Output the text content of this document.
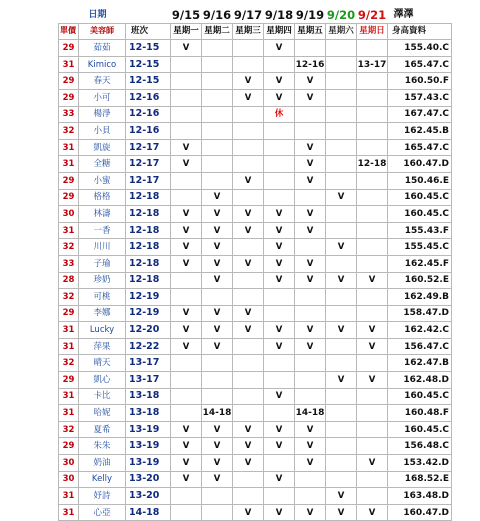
	日期		9/15	9/16	9/17	9/18	9/19	9/20	9/21	澤澤
單價	美容師	班次	星期一	星期二	星期三	星期四	星期五	星期六	星期日	身高資料
29	茹茹	12-15	V			V				155.40.C
31	Kimico	12-15					12-16		13-17	165.47.C
29	春天	12-15			V	V	V			160.50.F
29	小可	12-16			V	V	V			157.43.C
33	楊淨	12-16				休				167.47.C
32	小貝	12-16								162.45.B
31	凱旋	12-17	V				V			165.47.C
31	全糖	12-17	V				V		12-18	160.47.D
29	小蜜	12-17			V		V			150.46.E
29	格格	12-18		V				V		160.45.C
30	林濤	12-18	V	V	V	V	V			160.45.C
31	一香	12-18	V	V	V	V	V			155.43.F
32	川川	12-18	V	V		V		V		155.45.C
33	子瑜	12-18	V	V	V	V	V			162.45.F
28	珍奶	12-18		V		V	V	V	V	160.52.E
32	可桃	12-19								162.49.B
29	李娜	12-19	V	V	V					158.47.D
31	Lucky	12-20	V	V	V	V	V	V	V	162.42.C
31	萍果	12-22	V	V		V	V		V	156.47.C
32	晴天	13-17								162.47.B
29	凱心	13-17						V	V	162.48.D
31	卡比	13-18				V				160.45.C
31	哈妮	13-18		14-18			14-18			160.48.F
32	夏希	13-19	V	V	V	V	V			160.45.C
29	朱朱	13-19	V	V	V	V	V			156.48.C
30	奶油	13-19	V	V	V		V		V	153.42.D
30	Kelly	13-20	V	V		V				168.52.E
31	妤詩	13-20						V		163.48.D
31	心亞	14-18			V	V	V	V	V	160.47.D
